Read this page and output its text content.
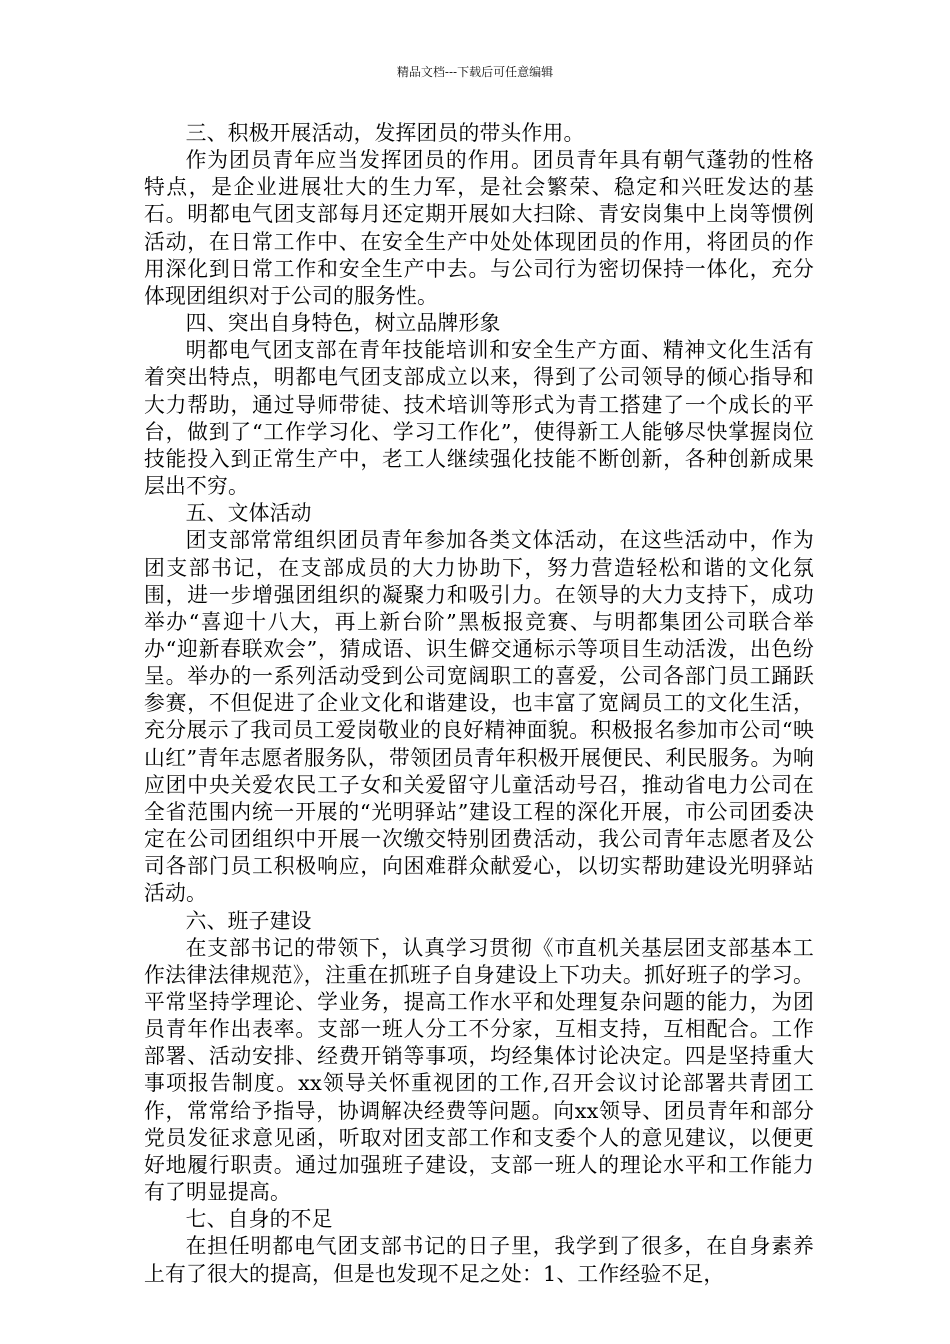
精品文档---下载后可任意编辑

三、积极开展活动，发挥团员的带头作用。

作为团员青年应当发挥团员的作用。团员青年具有朝气蓬勃的性格特点，是企业进展壮大的生力军，是社会繁荣、稳定和兴旺发达的基石。明都电气团支部每月还定期开展如大扫除、青安岗集中上岗等惯例活动，在日常工作中、在安全生产中处处体现团员的作用，将团员的作用深化到日常工作和安全生产中去。与公司行为密切保持一体化，充分体现团组织对于公司的服务性。

四、突出自身特色，树立品牌形象

明都电气团支部在青年技能培训和安全生产方面、精神文化生活有着突出特点，明都电气团支部成立以来，得到了公司领导的倾心指导和大力帮助，通过导师带徒、技术培训等形式为青工搭建了一个成长的平台，做到了“工作学习化、学习工作化”，使得新工人能够尽快掌握岗位技能投入到正常生产中，老工人继续强化技能不断创新，各种创新成果层出不穷。

五、文体活动

团支部常常组织团员青年参加各类文体活动，在这些活动中，作为团支部书记，在支部成员的大力协助下，努力营造轻松和谐的文化氛围，进一步增强团组织的凝聚力和吸引力。在领导的大力支持下，成功举办“喜迎十八大，再上新台阶”黑板报竞赛、与明都集团公司联合举办“迎新春联欢会”，猜成语、识生僻交通标示等项目生动活泼，出色纷呈。举办的一系列活动受到公司宽阔职工的喜爱，公司各部门员工踊跃参赛，不但促进了企业文化和谐建设，也丰富了宽阔员工的文化生活，充分展示了我司员工爱岗敬业的良好精神面貌。积极报名参加市公司“映山红”青年志愿者服务队，带领团员青年积极开展便民、利民服务。为响应团中央关爱农民工子女和关爱留守儿童活动号召，推动省电力公司在全省范围内统一开展的“光明驿站”建设工程的深化开展，市公司团委决定在公司团组织中开展一次缴交特别团费活动，我公司青年志愿者及公司各部门员工积极响应，向困难群众献爱心，以切实帮助建设光明驿站活动。

六、班子建设

在支部书记的带领下，认真学习贯彻《市直机关基层团支部基本工作法律法律规范》，注重在抓班子自身建设上下功夫。抓好班子的学习。平常坚持学理论、学业务，提高工作水平和处理复杂问题的能力，为团员青年作出表率。支部一班人分工不分家，互相支持，互相配合。工作部署、活动安排、经费开销等事项，均经集体讨论决定。四是坚持重大事项报告制度。xx领导关怀重视团的工作,召开会议讨论部署共青团工作，常常给予指导，协调解决经费等问题。向xx领导、团员青年和部分党员发征求意见函，听取对团支部工作和支委个人的意见建议，以便更好地履行职责。通过加强班子建设，支部一班人的理论水平和工作能力有了明显提高。

七、自身的不足

在担任明都电气团支部书记的日子里，我学到了很多，在自身素养上有了很大的提高，但是也发现不足之处：1、工作经验不足，
